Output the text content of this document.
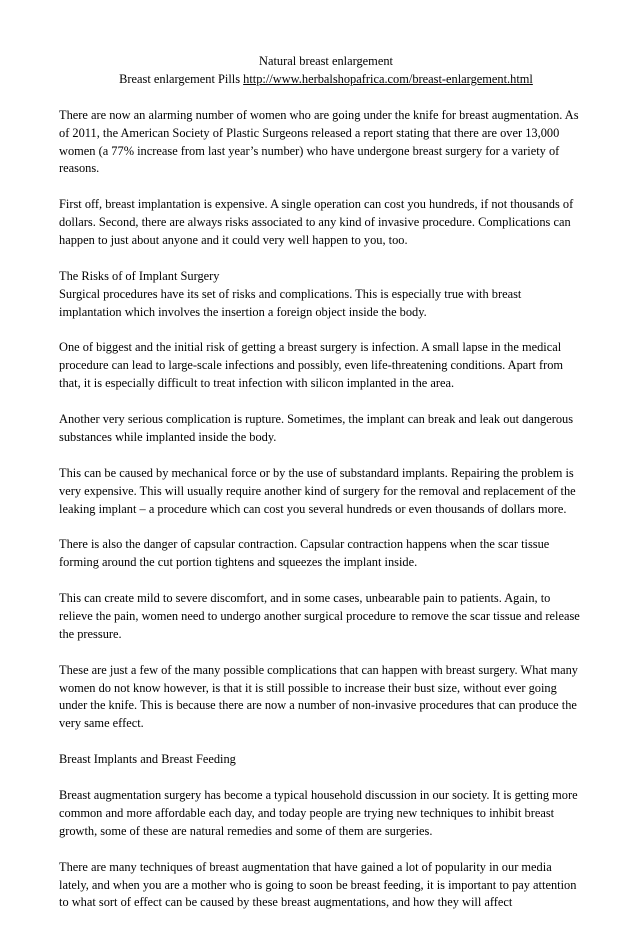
Natural breast enlargement
Breast enlargement Pills http://www.herbalshopafrica.com/breast-enlargement.html

There are now an alarming number of women who are going under the knife for breast augmentation. As of 2011, the American Society of Plastic Surgeons released a report stating that there are over 13,000 women (a 77% increase from last year’s number) who have undergone breast surgery for a variety of reasons.

First off, breast implantation is expensive. A single operation can cost you hundreds, if not thousands of dollars. Second, there are always risks associated to any kind of invasive procedure. Complications can happen to just about anyone and it could very well happen to you, too.

The Risks of of Implant Surgery
Surgical procedures have its set of risks and complications. This is especially true with breast implantation which involves the insertion a foreign object inside the body.

One of biggest and the initial risk of getting a breast surgery is infection. A small lapse in the medical procedure can lead to large-scale infections and possibly, even life-threatening conditions. Apart from that, it is especially difficult to treat infection with silicon implanted in the area.

Another very serious complication is rupture. Sometimes, the implant can break and leak out dangerous substances while implanted inside the body.

This can be caused by mechanical force or by the use of substandard implants. Repairing the problem is very expensive. This will usually require another kind of surgery for the removal and replacement of the leaking implant – a procedure which can cost you several hundreds or even thousands of dollars more.

There is also the danger of capsular contraction. Capsular contraction happens when the scar tissue forming around the cut portion tightens and squeezes the implant inside.

This can create mild to severe discomfort, and in some cases, unbearable pain to patients. Again, to relieve the pain, women need to undergo another surgical procedure to remove the scar tissue and release the pressure.

These are just a few of the many possible complications that can happen with breast surgery. What many women do not know however, is that it is still possible to increase their bust size, without ever going under the knife. This is because there are now a number of non-invasive procedures that can produce the very same effect.

Breast Implants and Breast Feeding

Breast augmentation surgery has become a typical household discussion in our society. It is getting more common and more affordable each day, and today people are trying new techniques to inhibit breast growth, some of these are natural remedies and some of them are surgeries.

There are many techniques of breast augmentation that have gained a lot of popularity in our media lately, and when you are a mother who is going to soon be breast feeding, it is important to pay attention to what sort of effect can be caused by these breast augmentations, and how they will affect
